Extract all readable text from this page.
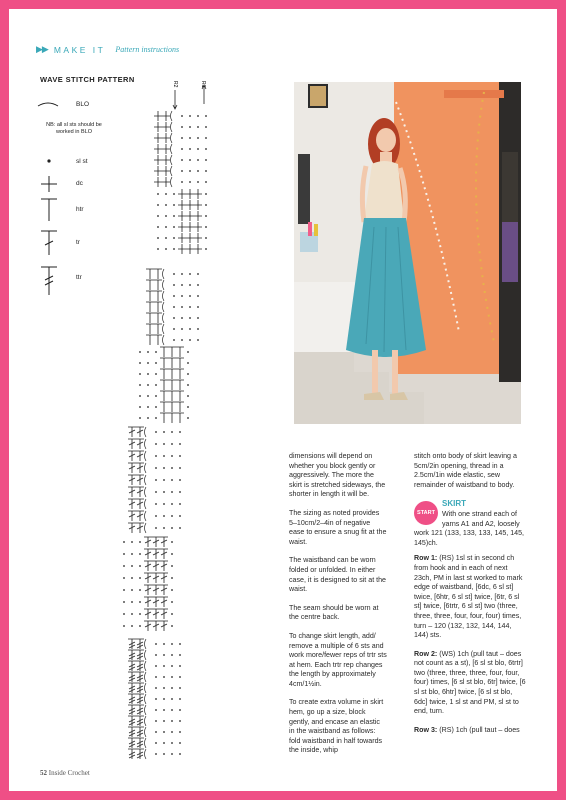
▶▶ MAKE IT Pattern instructions
WAVE STITCH PATTERN
BLO
NB: all sl sts should be worked in BLO
sl st
dc
htr
tr
ttr
R2	R1

dimensions will depend on whether you block gently or aggressively. The more the skirt is stretched sideways, the shorter in length it will be.

The sizing as noted provides 5–10cm/2–4in of negative ease to ensure a snug fit at the waist.

The waistband can be worn folded or unfolded. In either case, it is designed to sit at the waist.

The seam should be worn at the centre back.

To change skirt length, add/ remove a multiple of 6 sts and work more/fewer reps of trtr sts at hem. Each trtr rep changes the length by approximately 4cm/1½in.

To create extra volume in skirt hem, go up a size, block gently, and encase an elastic in the waistband as follows: fold waistband in half towards the inside, whip

stitch onto body of skirt leaving a 5cm/2in opening, thread in a 2.5cm/1in wide elastic, sew remainder of waistband to body.

START
SKIRT
With one strand each of yarns A1 and A2, loosely work 121 (133, 133, 133, 145, 145, 145)ch.

Row 1: (RS) 1sl st in second ch from hook and in each of next 23ch, PM in last st worked to mark edge of waistband, [6dc, 6 sl st] twice, [6htr, 6 sl st] twice, [6tr, 6 sl st] twice, [6trtr, 6 sl st] two (three, three, three, four, four, four) times, turn – 120 (132, 132, 144, 144, 144) sts.

Row 2: (WS) 1ch (pull taut – does not count as a st), [6 sl st blo, 6trtr] two (three, three, three, four, four, four) times, [6 sl st blo, 6tr] twice, [6 sl st blo, 6htr] twice, [6 sl st blo, 6dc] twice, 1 sl st and PM, sl st to end, turn.

Row 3: (RS) 1ch (pull taut – does

52 Inside Crochet
PassionForum.ru
